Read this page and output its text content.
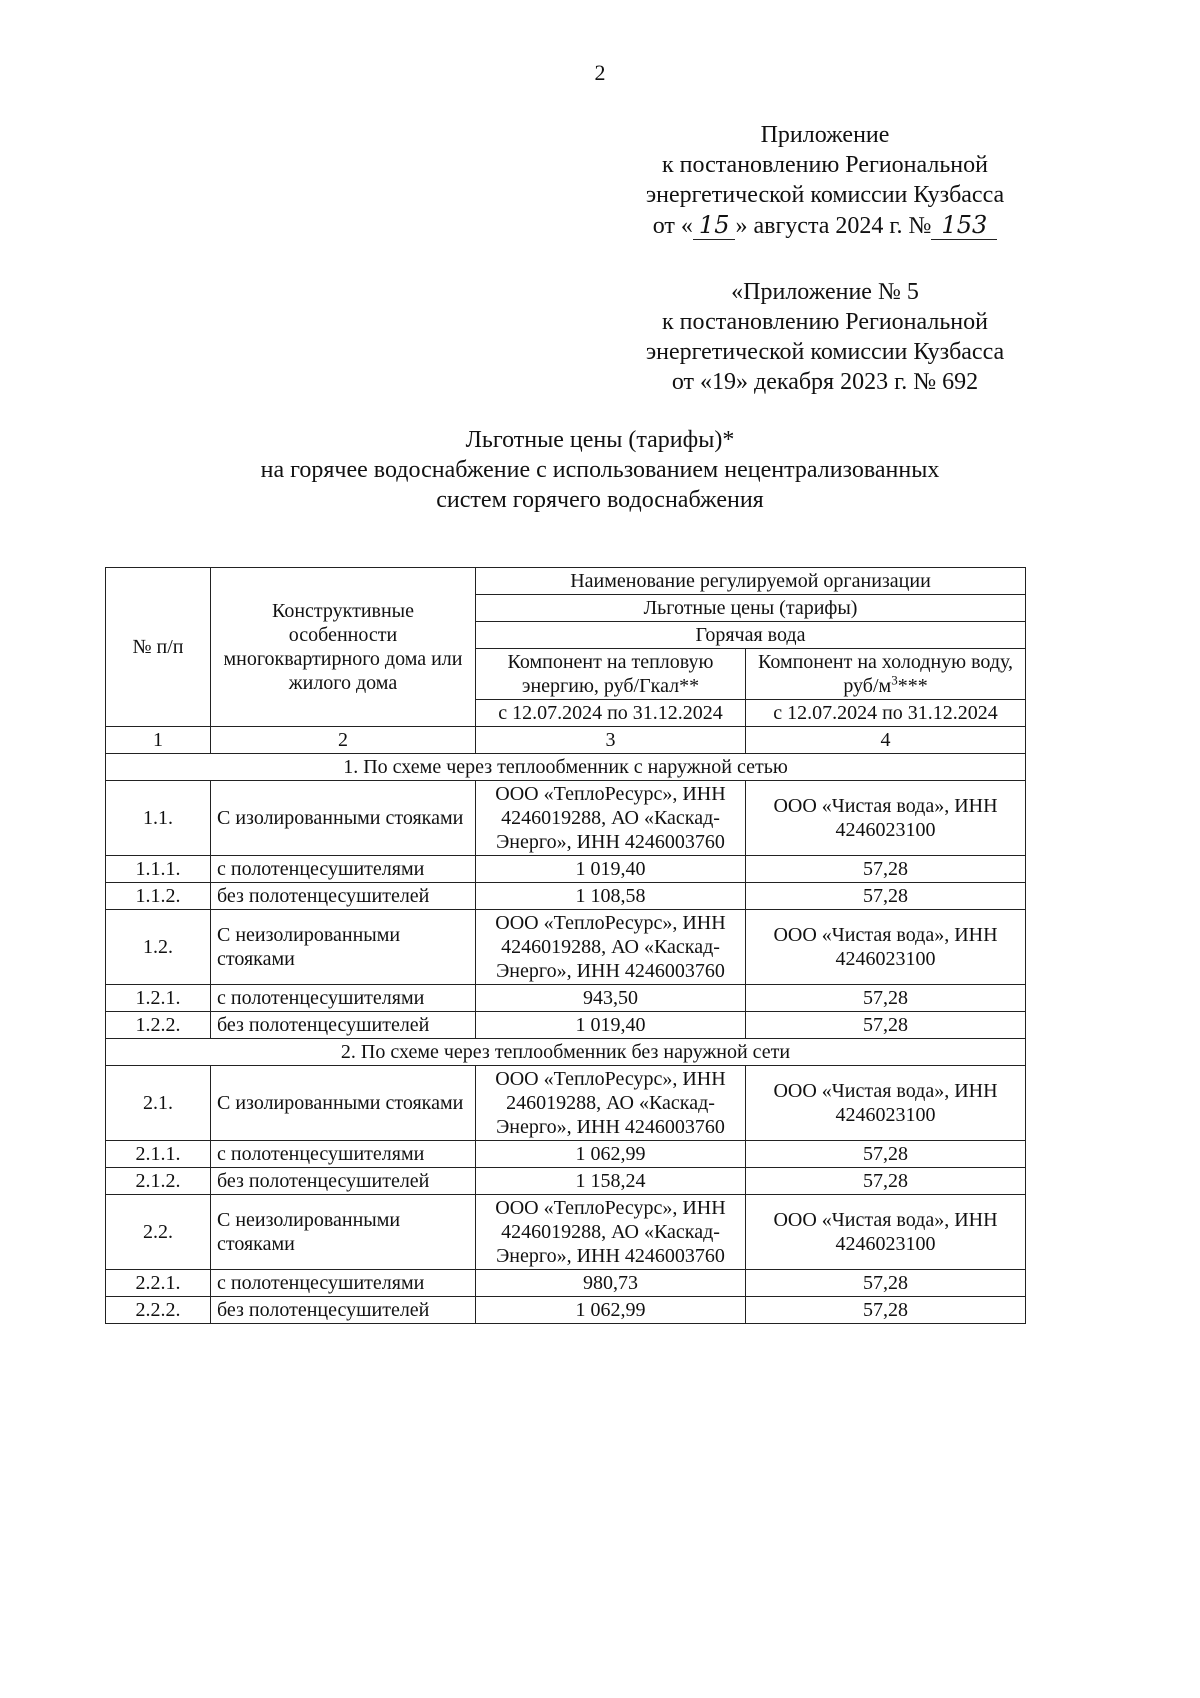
2
Приложение
к постановлению Региональной
энергетической комиссии Кузбасса
от « 15 » августа 2024 г. № 153
«Приложение № 5
к постановлению Региональной
энергетической комиссии Кузбасса
от «19» декабря 2023 г. № 692
Льготные цены (тарифы)*
на горячее водоснабжение с использованием нецентрализованных
систем горячего водоснабжения
№ п/п	Конструктивные особенности многоквартирного дома или жилого дома	Наименование регулируемой организации	
		Льготные цены (тарифы)	
		Горячая вода	
		Компонент на тепловую энергию, руб/Гкал**	Компонент на холодную воду, руб/$м^3***$
		с 12.07.2024 по 31.12.2024	с 12.07.2024 по 31.12.2024
1	2	3	4
1. По схеме через теплообменник с наружной сетью			
1.1.	С изолированными стояками	ООО «ТеплоРесурс», ИНН 4246019288, АО «Каскад-Энерго», ИНН 4246003760	ООО «Чистая вода», ИНН 4246023100
1.1.1.	с полотенцесушителями	1 019,40	57,28
1.1.2.	без полотенцесушителей	1 108,58	57,28
1.2.	С неизолированными стояками	ООО «ТеплоРесурс», ИНН 4246019288, АО «Каскад-Энерго», ИНН 4246003760	ООО «Чистая вода», ИНН 4246023100
1.2.1.	с полотенцесушителями	943,50	57,28
1.2.2.	без полотенцесушителей	1 019,40	57,28
2. По схеме через теплообменник без наружной сети			
2.1.	С изолированными стояками	ООО «ТеплоРесурс», ИНН 246019288, АО «Каскад-Энерго», ИНН 4246003760	ООО «Чистая вода», ИНН 4246023100
2.1.1.	с полотенцесушителями	1 062,99	57,28
2.1.2.	без полотенцесушителей	1 158,24	57,28
2.2.	С неизолированными стояками	ООО «ТеплоРесурс», ИНН 4246019288, АО «Каскад-Энерго», ИНН 4246003760	ООО «Чистая вода», ИНН 4246023100
2.2.1.	с полотенцесушителями	980,73	57,28
2.2.2.	без полотенцесушителей	1 062,99	57,28
